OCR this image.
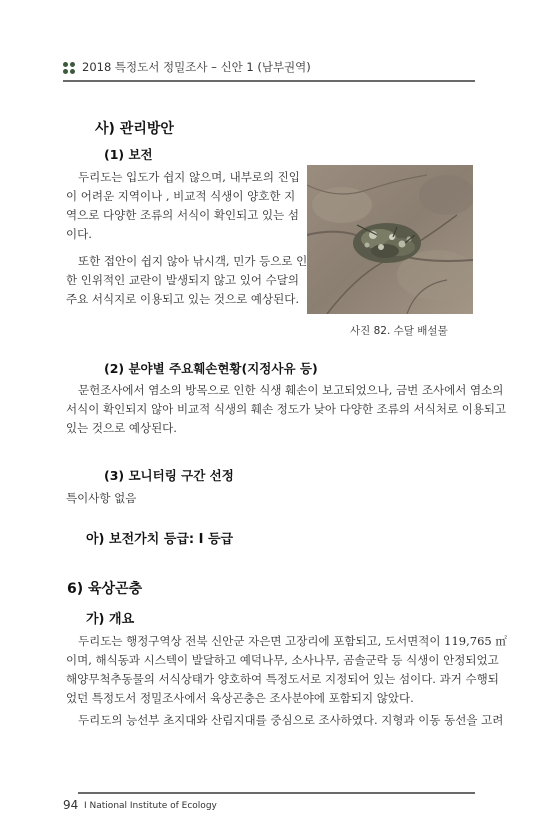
2018 특정도서 정밀조사 – 신안 1 (남부권역)
사) 관리방안
(1) 보전
두리도는 입도가 쉽지 않으며, 내부로의 진입
이 어려운 지역이나 , 비교적 식생이 양호한 지
역으로 다양한 조류의 서식이 확인되고 있는 섬
이다.
또한 접안이 쉽지 않아 낚시객, 민가 등으로 인
한 인위적인 교란이 발생되지 않고 있어 수달의
주요 서식지로 이용되고 있는 것으로 예상된다.
사진 82. 수달 배설물
(2) 분야별 주요훼손현황(지정사유 등)
문헌조사에서 염소의 방목으로 인한 식생 훼손이 보고되었으나, 금번 조사에서 염소의
서식이 확인되지 않아 비교적 식생의 훼손 정도가 낮아 다양한 조류의 서식처로 이용되고
있는 것으로 예상된다.
(3) 모니터링 구간 선정
특이사항 없음
아) 보전가치 등급: Ⅰ 등급
6) 육상곤충
가) 개요
두리도는 행정구역상 전북 신안군 자은면 고장리에 포함되고, 도서면적이 119,765 ㎡
이며, 해식동과 시스텍이 발달하고 예덕나무, 소사나무, 곰솔군락 등 식생이 안정되었고
해양무척추동물의 서식상태가 양호하여 특정도서로 지정되어 있는 섬이다. 과거 수행되
었던 특정도서 정밀조사에서 육상곤충은 조사분야에 포함되지 않았다.
두리도의 능선부 초지대와 산림지대를 중심으로 조사하였다. 지형과 이동 동선을 고려
94 I National Institute of Ecology
